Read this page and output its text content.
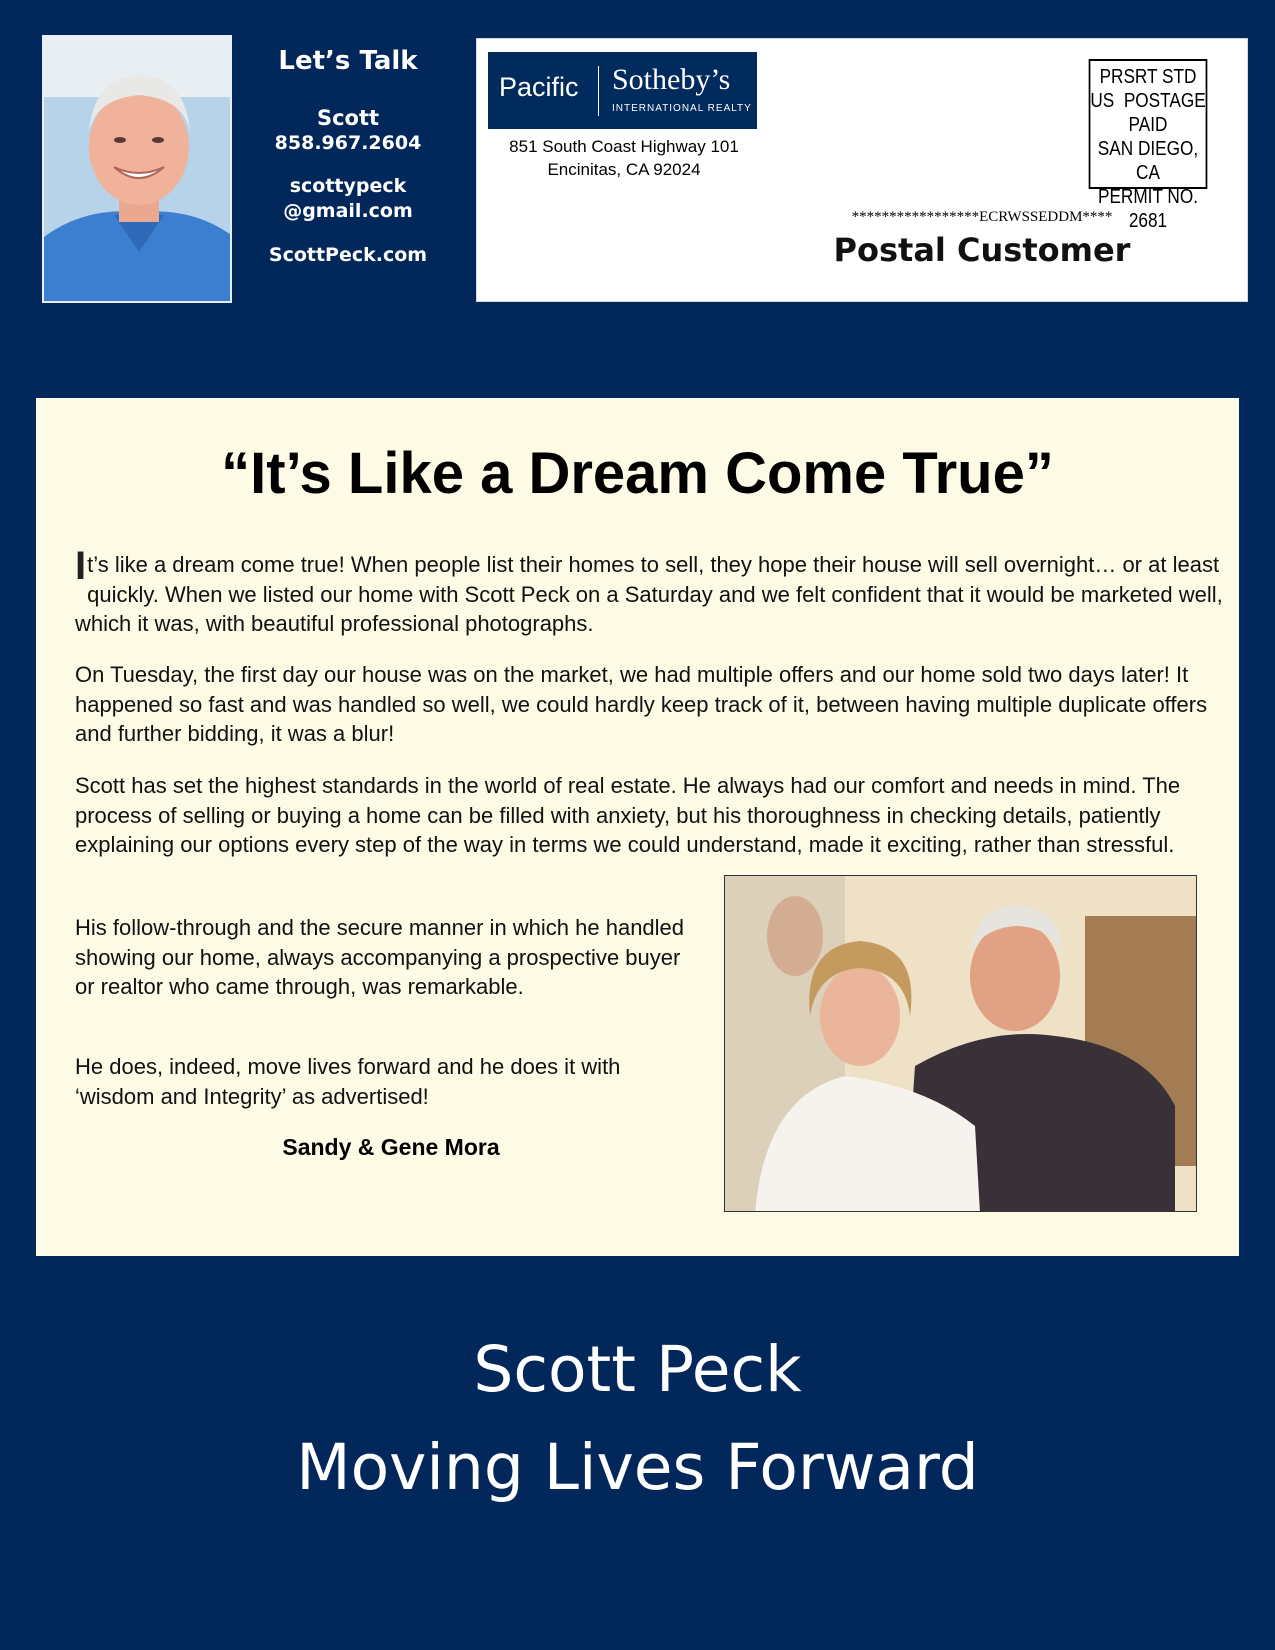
Let’s Talk
Scott
858.967.2604
scottypeck
@gmail.com
ScottPeck.com
Pacific Sotheby’s
INTERNATIONAL REALTY
851 South Coast Highway 101
Encinitas, CA 92024
PRSRT STD
US  POSTAGE
PAID
SAN DIEGO, CA
PERMIT NO. 2681
*****************ECRWSSEDDM****
Postal Customer
“It’s Like a Dream Come True”
It’s like a dream come true! When people list their homes to sell, they hope their house will sell overnight… or at least quickly. When we listed our home with Scott Peck on a Saturday and we felt confident that it would be marketed well, which it was, with beautiful professional photographs.
On Tuesday, the first day our house was on the market, we had multiple offers and our home sold two days later! It happened so fast and was handled so well, we could hardly keep track of it, between having multiple duplicate offers and further bidding, it was a blur!
Scott has set the highest standards in the world of real estate. He always had our comfort and needs in mind. The process of selling or buying a home can be filled with anxiety, but his thoroughness in checking details, patiently explaining our options every step of the way in terms we could understand, made it exciting, rather than stressful.
His follow-through and the secure manner in which he handled showing our home, always accompanying a prospective buyer or realtor who came through, was remarkable.
He does, indeed, move lives forward and he does it with ‘wisdom and Integrity’ as advertised!
Sandy & Gene Mora
Scott Peck
Moving Lives Forward
